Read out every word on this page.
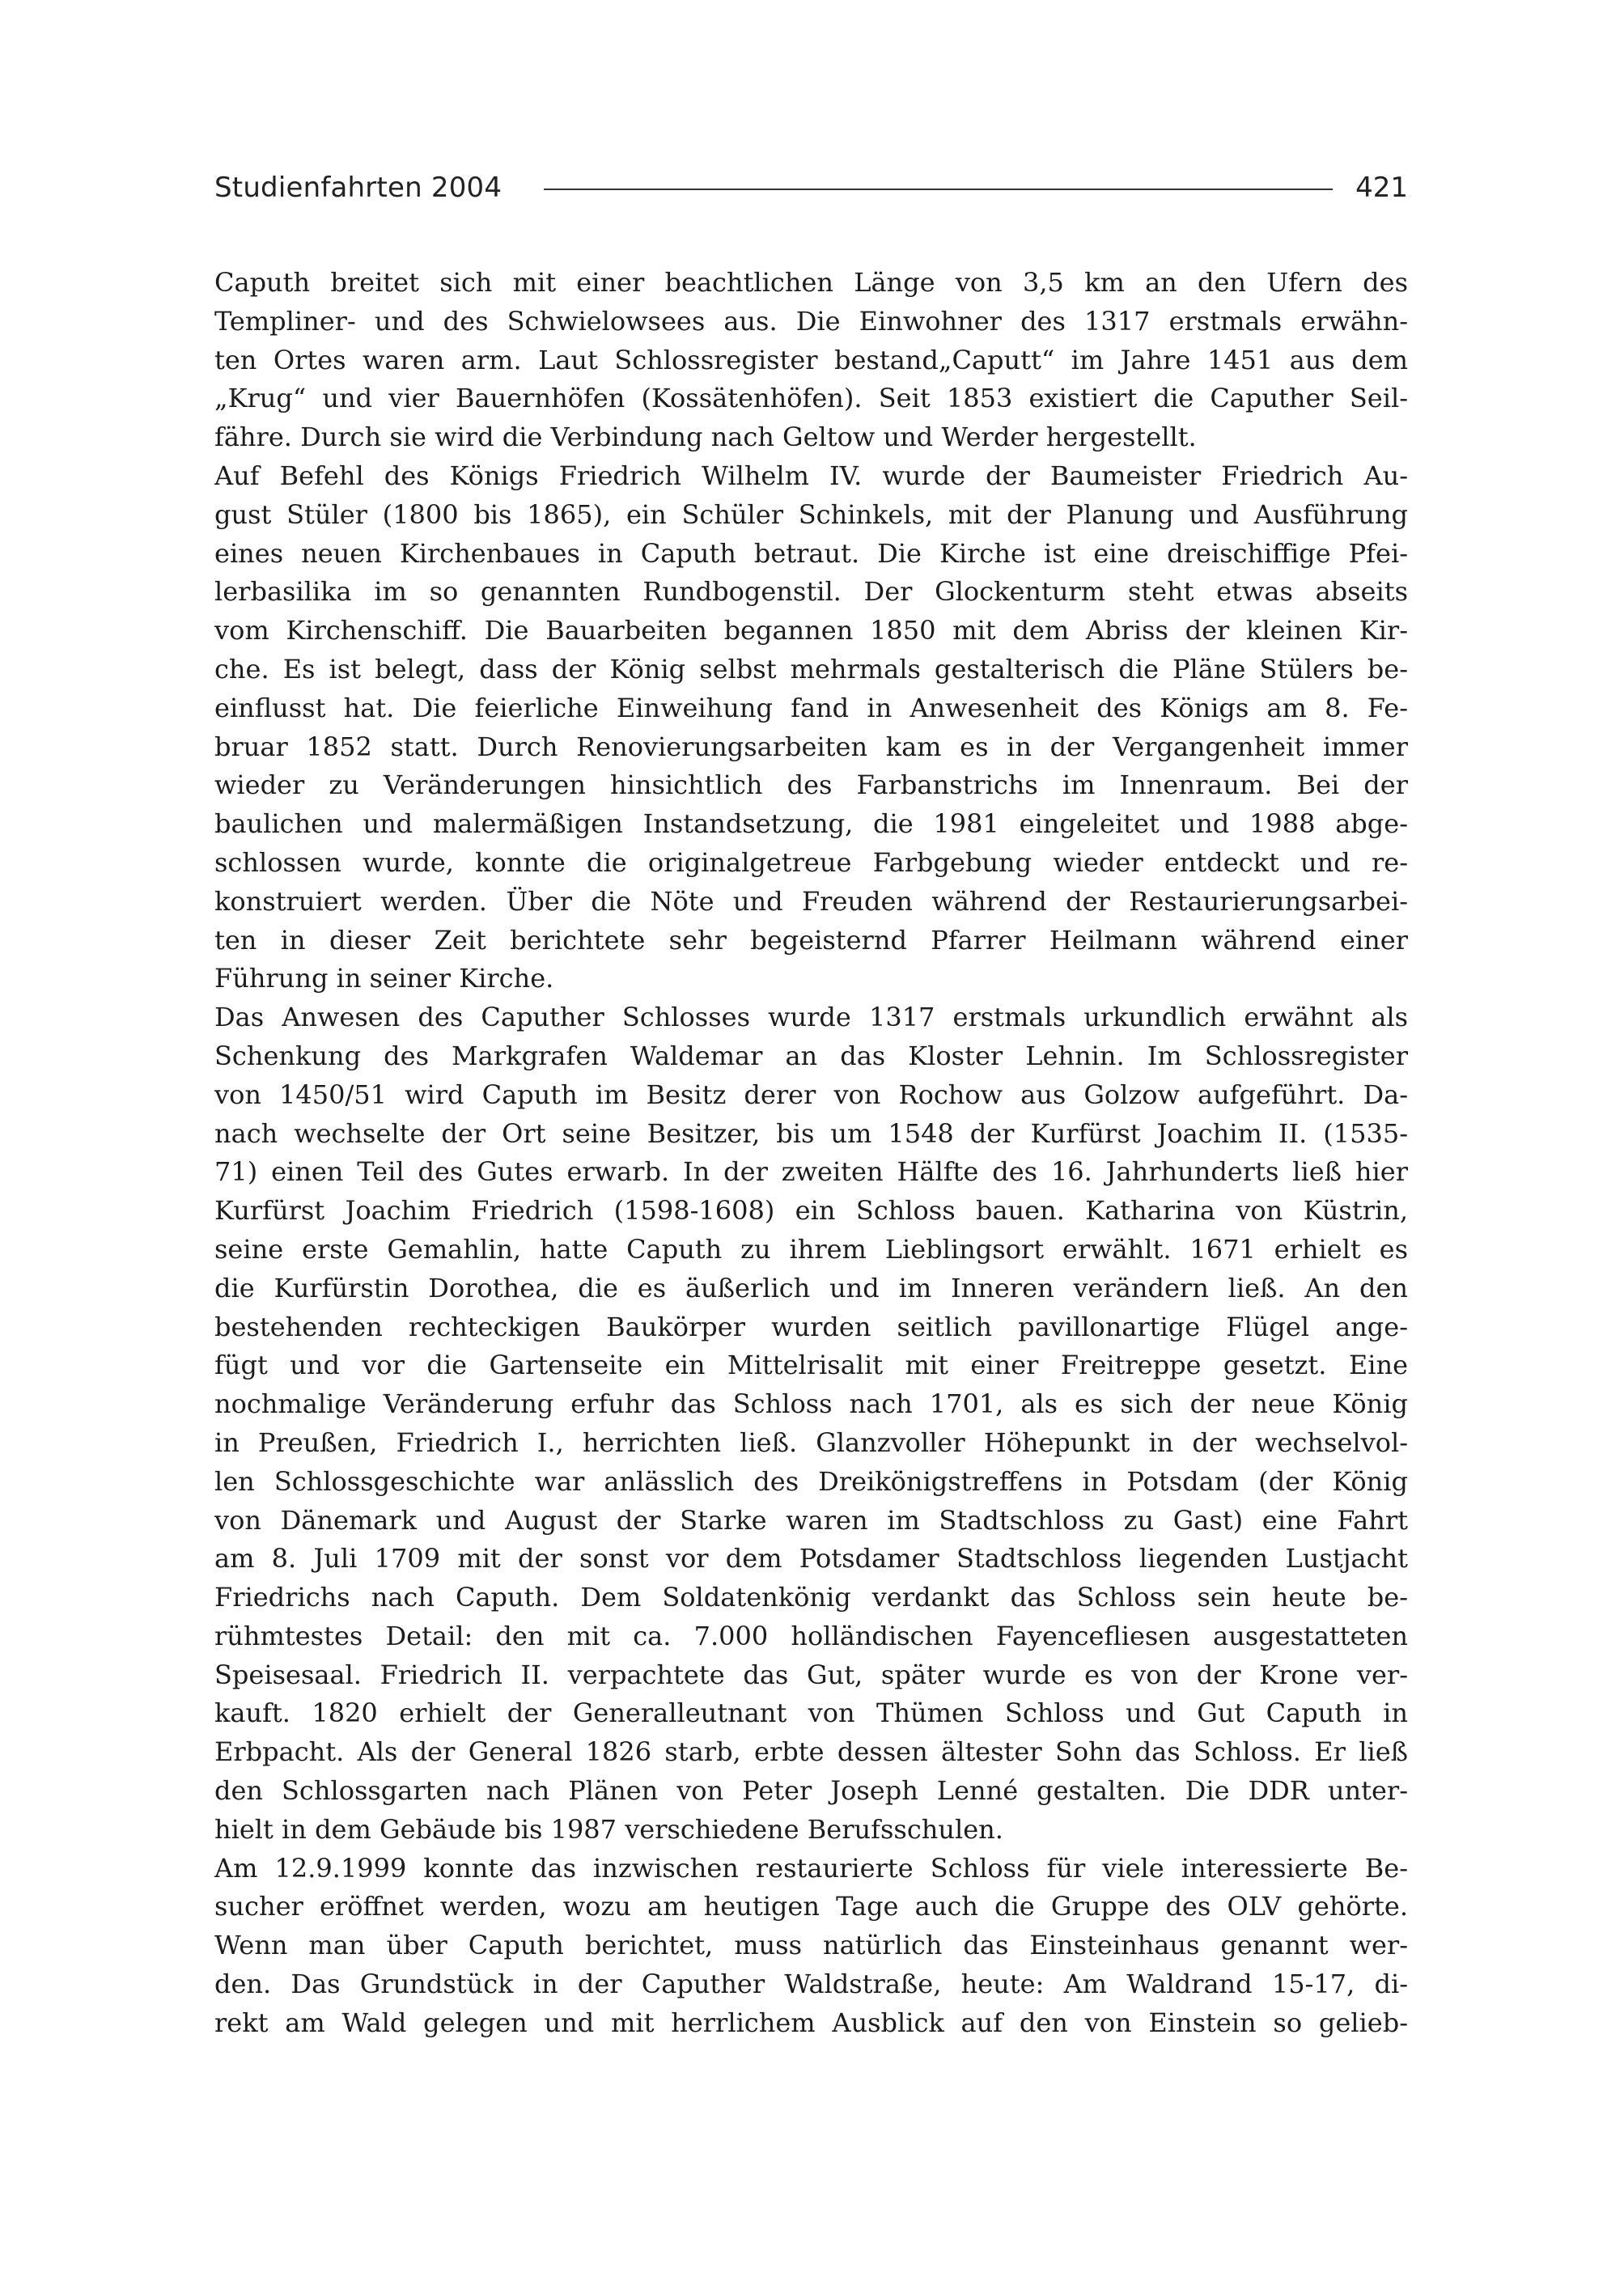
Studienfahrten 2004	421
Caputh breitet sich mit einer beachtlichen Länge von 3,5 km an den Ufern des
Templiner- und des Schwielowsees aus. Die Einwohner des 1317 erstmals erwähn-
ten Ortes waren arm. Laut Schlossregister bestand„Caputt“ im Jahre 1451 aus dem
„Krug“ und vier Bauernhöfen (Kossätenhöfen). Seit 1853 existiert die Caputher Seil-
fähre. Durch sie wird die Verbindung nach Geltow und Werder hergestellt.
Auf Befehl des Königs Friedrich Wilhelm IV. wurde der Baumeister Friedrich Au-
gust Stüler (1800 bis 1865), ein Schüler Schinkels, mit der Planung und Ausführung
eines neuen Kirchenbaues in Caputh betraut. Die Kirche ist eine dreischiffige Pfei-
lerbasilika im so genannten Rundbogenstil. Der Glockenturm steht etwas abseits
vom Kirchenschiff. Die Bauarbeiten begannen 1850 mit dem Abriss der kleinen Kir-
che. Es ist belegt, dass der König selbst mehrmals gestalterisch die Pläne Stülers be-
einflusst hat. Die feierliche Einweihung fand in Anwesenheit des Königs am 8. Fe-
bruar 1852 statt. Durch Renovierungsarbeiten kam es in der Vergangenheit immer
wieder zu Veränderungen hinsichtlich des Farbanstrichs im Innenraum. Bei der
baulichen und malermäßigen Instandsetzung, die 1981 eingeleitet und 1988 abge-
schlossen wurde, konnte die originalgetreue Farbgebung wieder entdeckt und re-
konstruiert werden. Über die Nöte und Freuden während der Restaurierungsarbei-
ten in dieser Zeit berichtete sehr begeisternd Pfarrer Heilmann während einer
Führung in seiner Kirche.
Das Anwesen des Caputher Schlosses wurde 1317 erstmals urkundlich erwähnt als
Schenkung des Markgrafen Waldemar an das Kloster Lehnin. Im Schlossregister
von 1450/51 wird Caputh im Besitz derer von Rochow aus Golzow aufgeführt. Da-
nach wechselte der Ort seine Besitzer, bis um 1548 der Kurfürst Joachim II. (1535-
71) einen Teil des Gutes erwarb. In der zweiten Hälfte des 16. Jahrhunderts ließ hier
Kurfürst Joachim Friedrich (1598-1608) ein Schloss bauen. Katharina von Küstrin,
seine erste Gemahlin, hatte Caputh zu ihrem Lieblingsort erwählt. 1671 erhielt es
die Kurfürstin Dorothea, die es äußerlich und im Inneren verändern ließ. An den
bestehenden rechteckigen Baukörper wurden seitlich pavillonartige Flügel ange-
fügt und vor die Gartenseite ein Mittelrisalit mit einer Freitreppe gesetzt. Eine
nochmalige Veränderung erfuhr das Schloss nach 1701, als es sich der neue König
in Preußen, Friedrich I., herrichten ließ. Glanzvoller Höhepunkt in der wechselvol-
len Schlossgeschichte war anlässlich des Dreikönigstreffens in Potsdam (der König
von Dänemark und August der Starke waren im Stadtschloss zu Gast) eine Fahrt
am 8. Juli 1709 mit der sonst vor dem Potsdamer Stadtschloss liegenden Lustjacht
Friedrichs nach Caputh. Dem Soldatenkönig verdankt das Schloss sein heute be-
rühmtestes Detail: den mit ca. 7.000 holländischen Fayencefliesen ausgestatteten
Speisesaal. Friedrich II. verpachtete das Gut, später wurde es von der Krone ver-
kauft. 1820 erhielt der Generalleutnant von Thümen Schloss und Gut Caputh in
Erbpacht. Als der General 1826 starb, erbte dessen ältester Sohn das Schloss. Er ließ
den Schlossgarten nach Plänen von Peter Joseph Lenné gestalten. Die DDR unter-
hielt in dem Gebäude bis 1987 verschiedene Berufsschulen.
Am 12.9.1999 konnte das inzwischen restaurierte Schloss für viele interessierte Be-
sucher eröffnet werden, wozu am heutigen Tage auch die Gruppe des OLV gehörte.
Wenn man über Caputh berichtet, muss natürlich das Einsteinhaus genannt wer-
den. Das Grundstück in der Caputher Waldstraße, heute: Am Waldrand 15-17, di-
rekt am Wald gelegen und mit herrlichem Ausblick auf den von Einstein so gelieb-
